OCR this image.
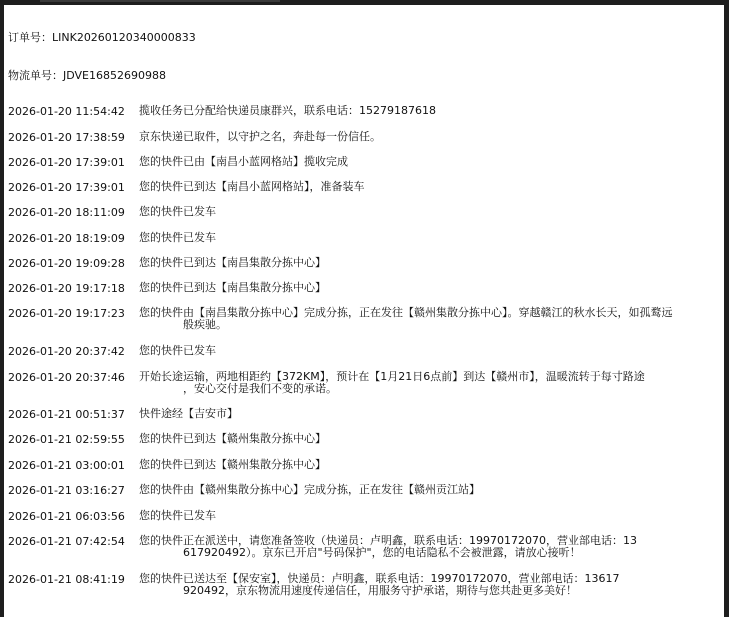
订单号：LINK20260120340000833
物流单号：JDVE16852690988
2026-01-20 11:54:42 揽收任务已分配给快递员康群兴，联系电话：15279187618
2026-01-20 17:38:59 京东快递已取件，以守护之名，奔赴每一份信任。
2026-01-20 17:39:01 您的快件已由【南昌小蓝网格站】揽收完成
2026-01-20 17:39:01 您的快件已到达【南昌小蓝网格站】，准备装车
2026-01-20 18:11:09 您的快件已发车
2026-01-20 18:19:09 您的快件已发车
2026-01-20 19:09:28 您的快件已到达【南昌集散分拣中心】
2026-01-20 19:17:18 您的快件已到达【南昌集散分拣中心】
2026-01-20 19:17:23 您的快件由【南昌集散分拣中心】完成分拣，正在发往【赣州集散分拣中心】。穿越赣江的秋水长天，如孤鹜远
般疾驰。
2026-01-20 20:37:42 您的快件已发车
2026-01-20 20:37:46 开始长途运输，两地相距约【372KM】，预计在【1月21日6点前】到达【赣州市】，温暖流转于每寸路途
，安心交付是我们不变的承诺。
2026-01-21 00:51:37 快件途经【吉安市】
2026-01-21 02:59:55 您的快件已到达【赣州集散分拣中心】
2026-01-21 03:00:01 您的快件已到达【赣州集散分拣中心】
2026-01-21 03:16:27 您的快件由【赣州集散分拣中心】完成分拣，正在发往【赣州贡江站】
2026-01-21 06:03:56 您的快件已发车
2026-01-21 07:42:54 您的快件正在派送中，请您准备签收（快递员：卢明鑫，联系电话：19970172070，营业部电话：13
617920492）。京东已开启"号码保护"，您的电话隐私不会被泄露，请放心接听！
2026-01-21 08:41:19 您的快件已送达至【保安室】，快递员：卢明鑫，联系电话：19970172070，营业部电话：13617
920492，京东物流用速度传递信任，用服务守护承诺，期待与您共赴更多美好！
